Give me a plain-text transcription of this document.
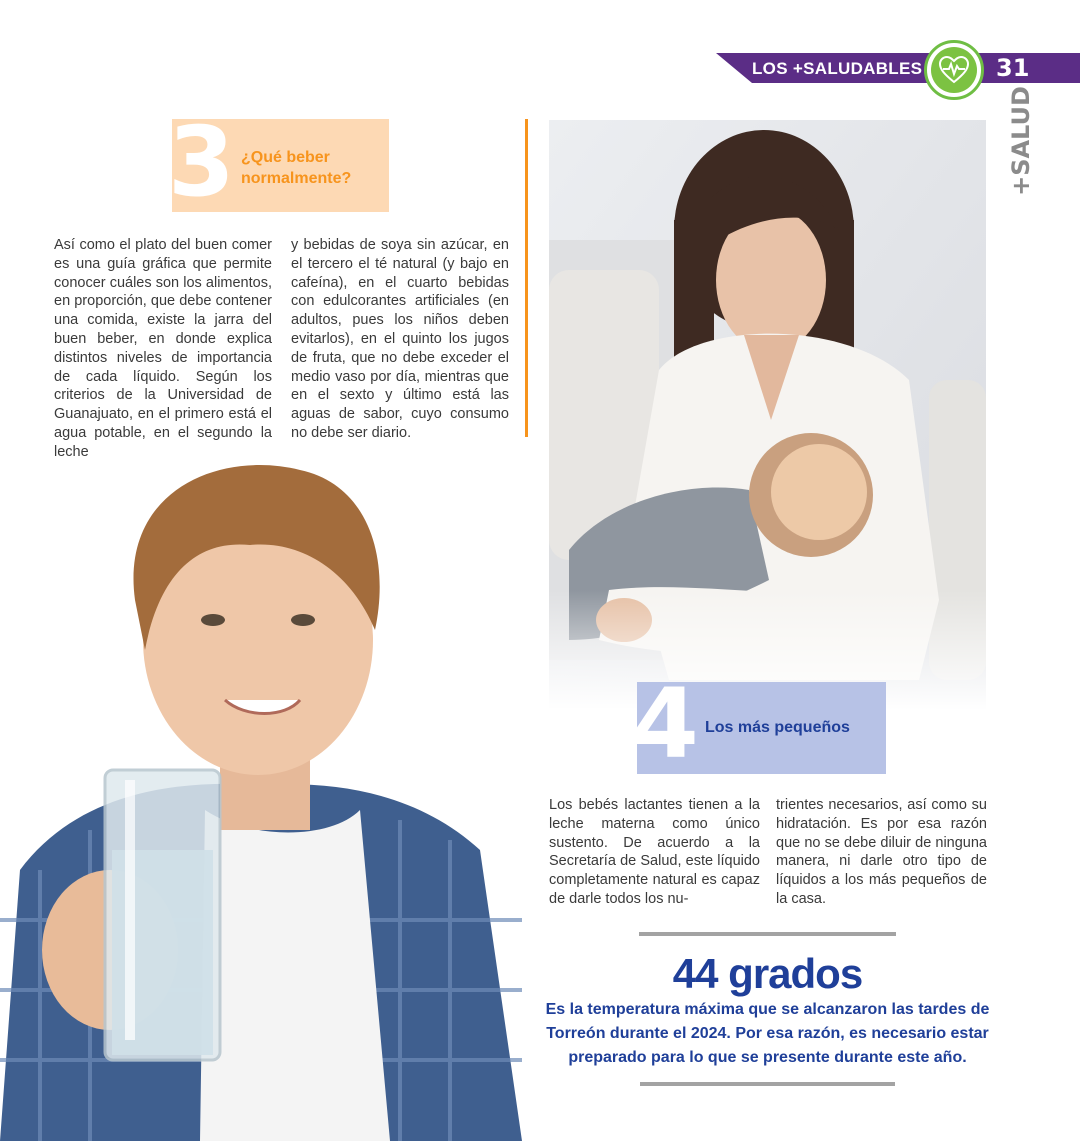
LOS +SALUDABLES	31
+SALUD
3 ¿Qué beber normalmente?
Así como el plato del buen comer es una guía gráfica que permite conocer cuáles son los alimentos, en proporción, que debe contener una comida, existe la jarra del buen beber, en donde explica distintos niveles de importancia de cada líquido. Según los criterios de la Universidad de Guanajuato, en el primero está el agua potable, en el segundo la leche
y bebidas de soya sin azúcar, en el tercero el té natural (y bajo en cafeína), en el cuarto bebidas con edulcorantes artificiales (en adultos, pues los niños deben evitarlos), en el quinto los jugos de fruta, que no debe exceder el medio vaso por día, mientras que en el sexto y último está las aguas de sabor, cuyo consumo no debe ser diario.
4 Los más pequeños
Los bebés lactantes tienen a la leche materna como único sustento. De acuerdo a la Secretaría de Salud, este líquido completamente natural es capaz de darle todos los nu-
trientes necesarios, así como su hidratación. Es por esa razón que no se debe diluir de ninguna manera, ni darle otro tipo de líquidos a los más pequeños de la casa.
44 grados
Es la temperatura máxima que se alcanzaron las tardes de Torreón durante el 2024. Por esa razón, es necesario estar preparado para lo que se presente durante este año.
